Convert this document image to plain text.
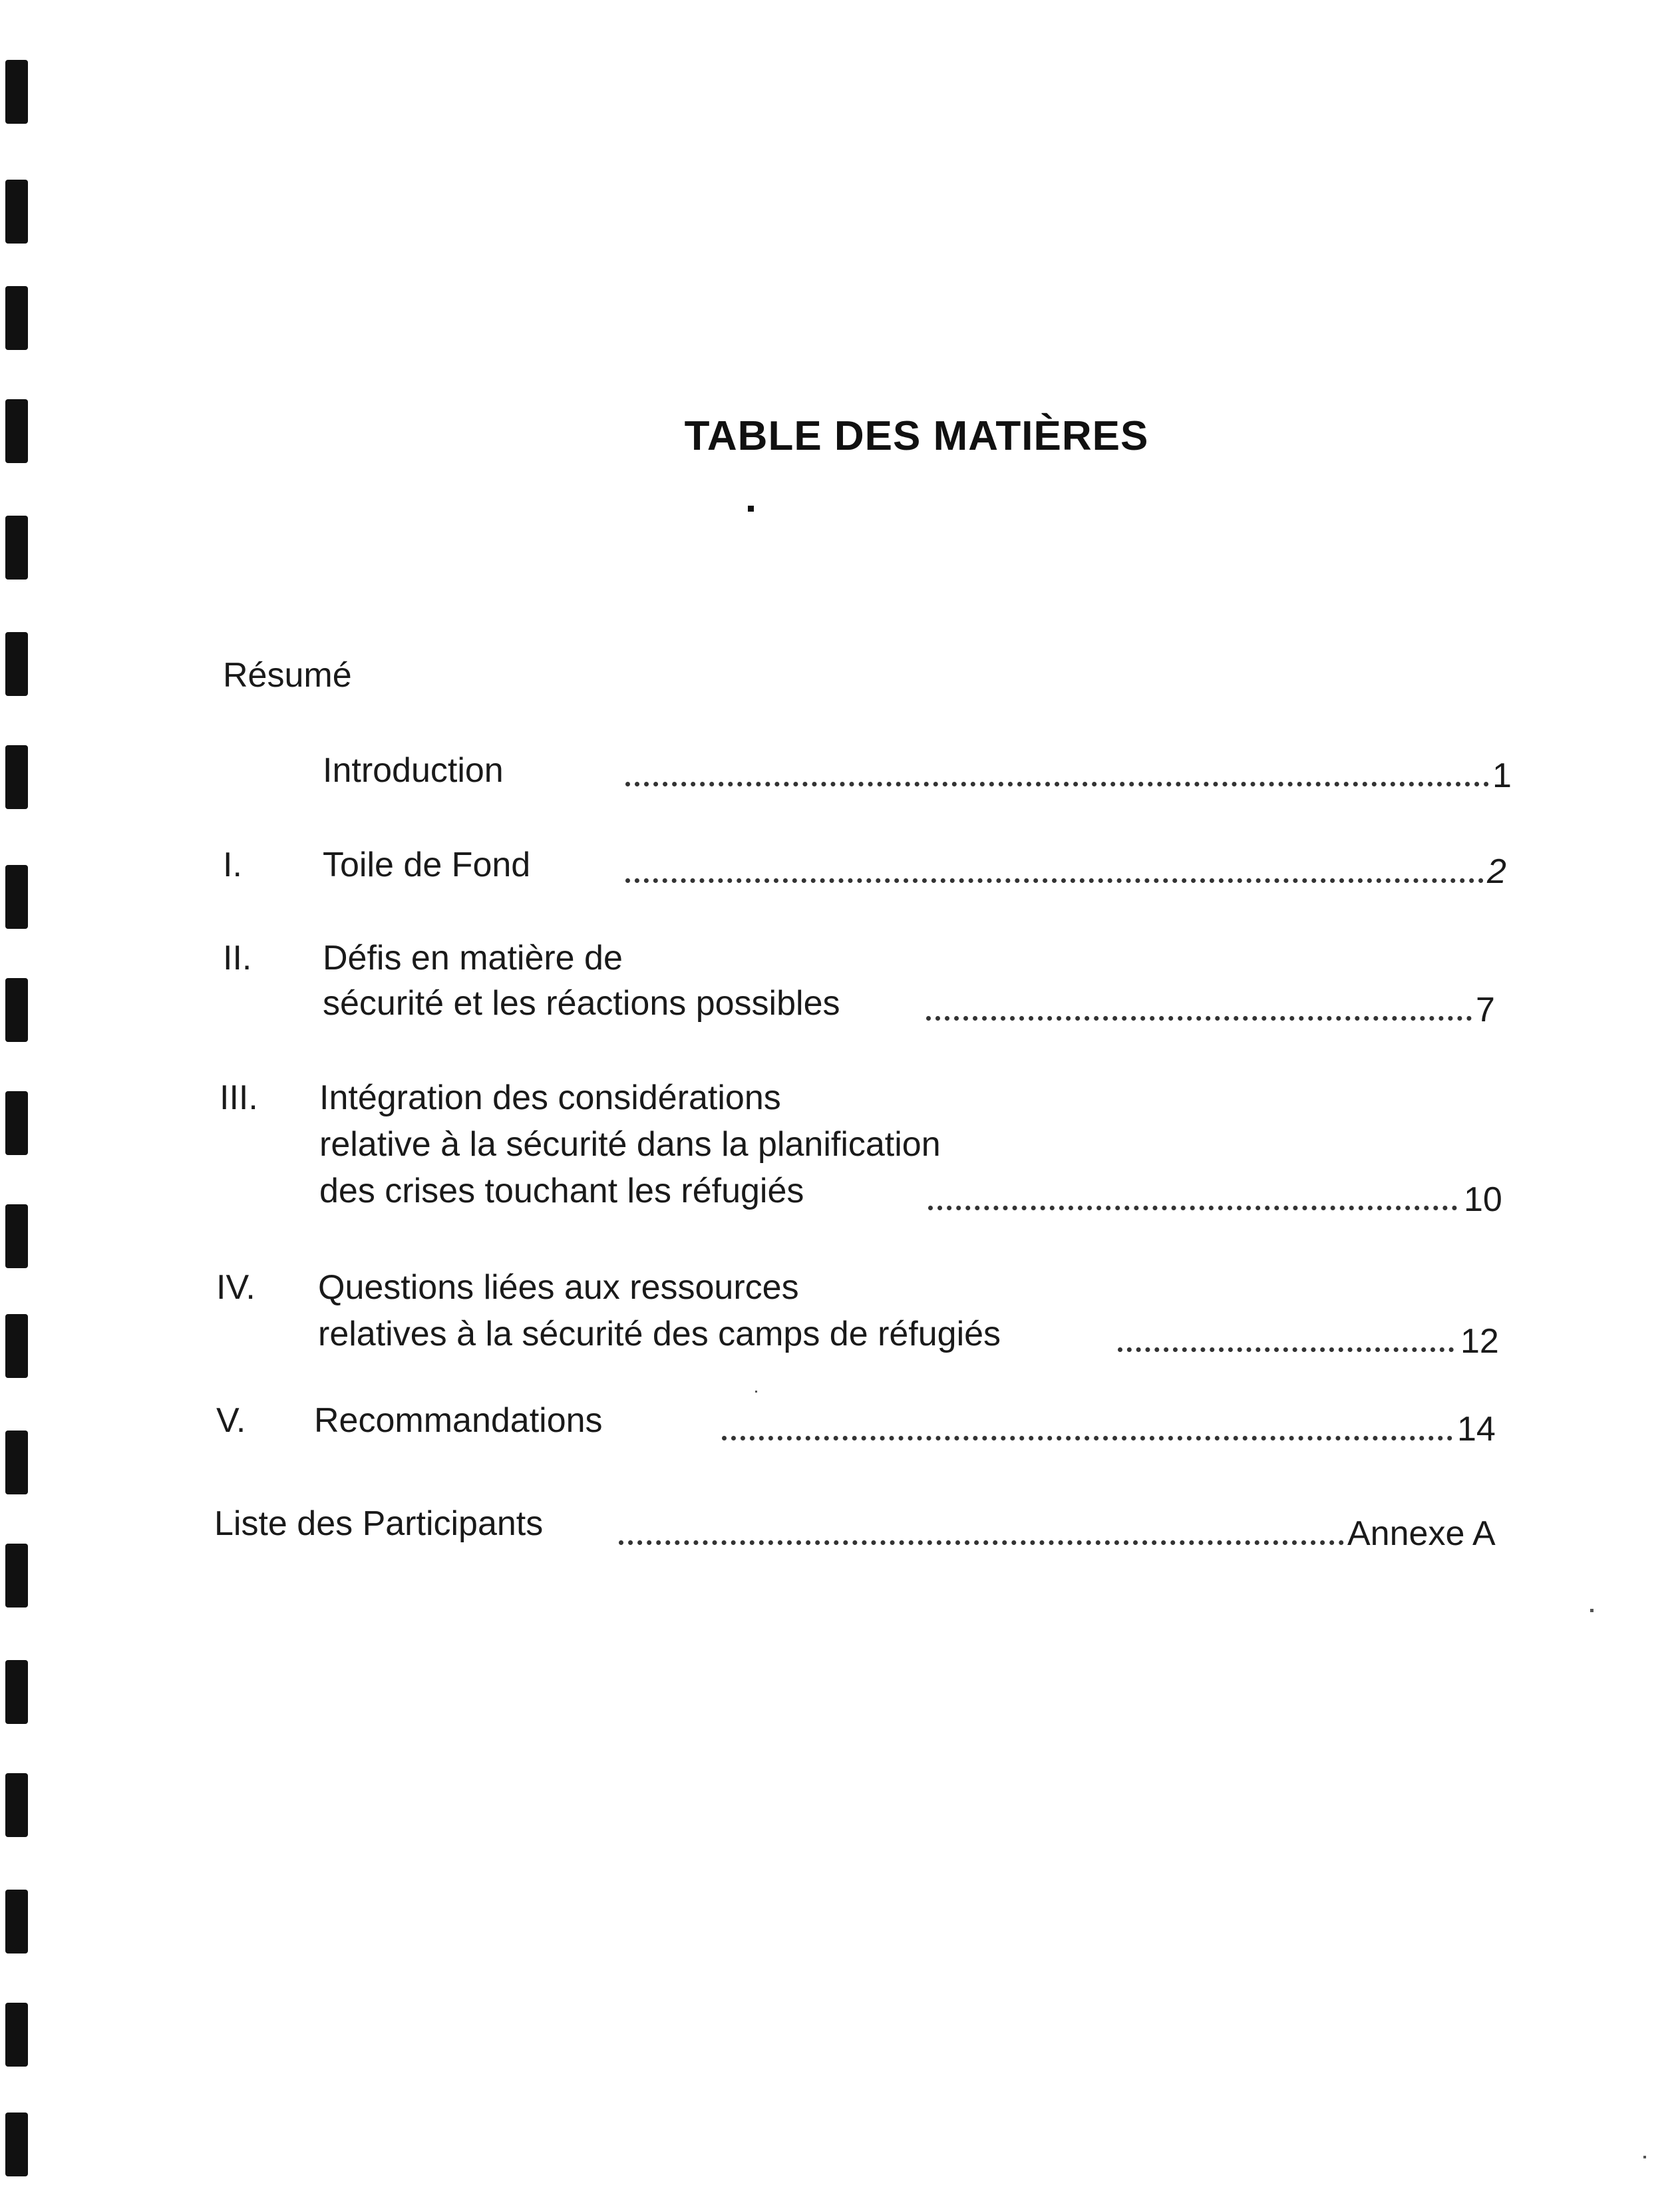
TABLE DES MATIÈRES
Résumé
Introduction	1
I. Toile de Fond	2
II. Défis en matière de
sécurité et les réactions possibles	7
III. Intégration des considérations
relative à la sécurité dans la planification
des crises touchant les réfugiés	10
IV. Questions liées aux ressources
relatives à la sécurité des camps de réfugiés	12
V. Recommandations	14
Liste des Participants	Annexe A
